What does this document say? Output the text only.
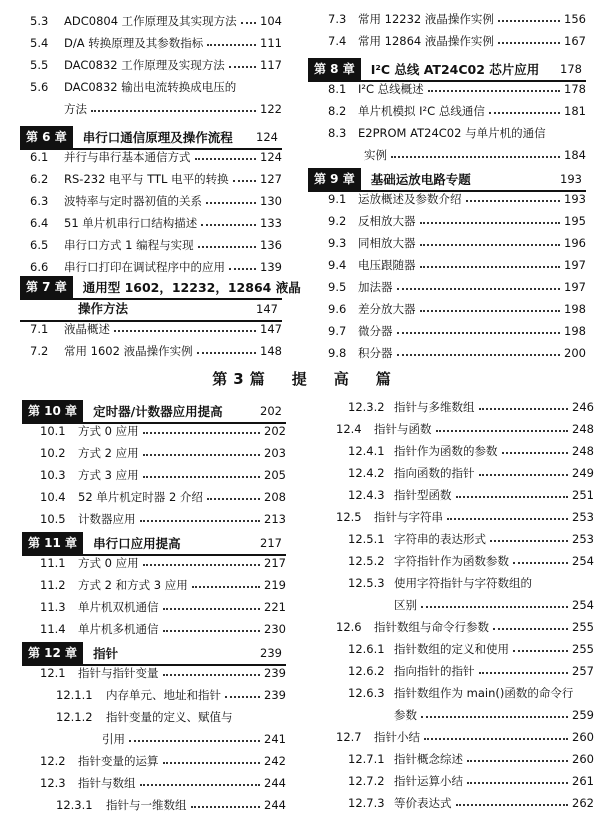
第3篇　提　高　篇
5.3	ADC0804 工作原理及其实现方法 104
5.4	D/A 转换原理及其参数指标	111
5.5	DAC0832 工作原理及实现方法	117
5.6	DAC0832 输出电流转换成电压的
方法	122
第 6 章	串行口通信原理及操作流程	124
6.1	并行与串行基本通信方式	124
6.2	RS-232 电平与 TTL 电平的转换	127
6.3	波特率与定时器初值的关系	130
6.4	51 单片机串行口结构描述	133
6.5	串行口方式 1 编程与实现	136
6.6	串行口打印在调试程序中的应用	139
第 7 章	通用型 1602，12232，12864 液晶
操作方法	147
7.1	液晶概述	147
7.2	常用 1602 液晶操作实例	148
7.3	常用 12232 液晶操作实例	156
7.4	常用 12864 液晶操作实例	167
第 8 章	I²C 总线 AT24C02 芯片应用	178
8.1	I²C 总线概述	178
8.2	单片机模拟 I²C 总线通信	181
8.3	E2PROM AT24C02 与单片机的通信
实例	184
第 9 章	基础运放电路专题	193
9.1	运放概述及参数介绍	193
9.2	反相放大器	195
9.3	同相放大器	196
9.4	电压跟随器	197
9.5	加法器	197
9.6	差分放大器	198
9.7	微分器	198
9.8	积分器	200
第 10 章	定时器/计数器应用提高	202
10.1	方式 0 应用	202
10.2	方式 2 应用	203
10.3	方式 3 应用	205
10.4	52 单片机定时器 2 介绍	208
10.5	计数器应用	213
第 11 章	串行口应用提高	217
11.1	方式 0 应用	217
11.2	方式 2 和方式 3 应用	219
11.3	单片机双机通信	221
11.4	单片机多机通信	230
第 12 章	指针	239
12.1	指针与指针变量	239
12.1.1	内存单元、地址和指针	239
12.1.2	指针变量的定义、赋值与
引用	241
12.2	指针变量的运算	242
12.3	指针与数组	244
12.3.1	指针与一维数组	244
12.3.2 指针与多维数组	246
12.4	指针与函数	248
12.4.1 指针作为函数的参数	248
12.4.2 指向函数的指针	249
12.4.3 指针型函数	251
12.5	指针与字符串	253
12.5.1 字符串的表达形式	253
12.5.2 字符指针作为函数参数	254
12.5.3 使用字符指针与字符数组的
区别	254
12.6	指针数组与命令行参数	255
12.6.1 指针数组的定义和使用	255
12.6.2 指向指针的指针	257
12.6.3 指针数组作为 main()函数的命令行
参数	259
12.7	指针小结	260
12.7.1 指针概念综述	260
12.7.2 指针运算小结	261
12.7.3 等价表达式	262
